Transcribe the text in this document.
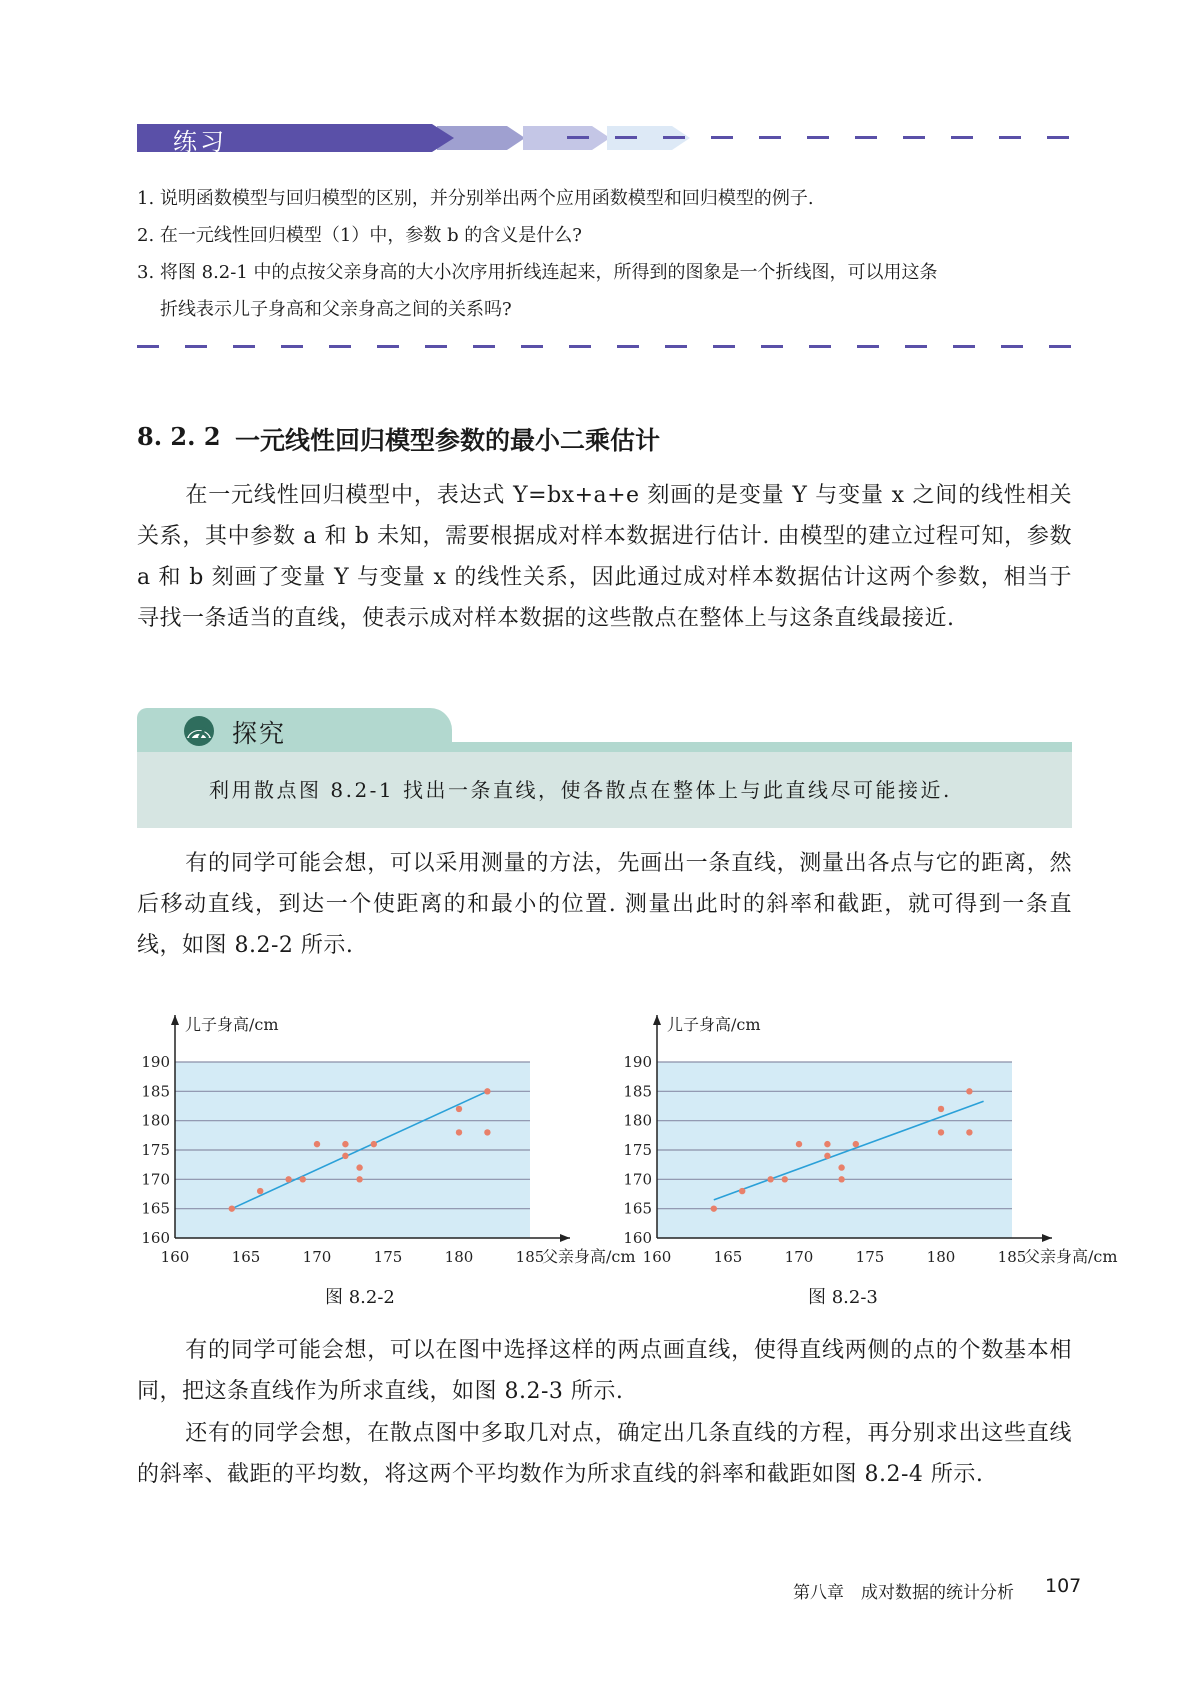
练习
1. 说明函数模型与回归模型的区别，并分别举出两个应用函数模型和回归模型的例子.
2. 在一元线性回归模型（1）中，参数 b 的含义是什么?
3. 将图 8.2-1 中的点按父亲身高的大小次序用折线连起来，所得到的图象是一个折线图，可以用这条
折线表示儿子身高和父亲身高之间的关系吗?
8. 2. 2 一元线性回归模型参数的最小二乘估计
在一元线性回归模型中，表达式 Y=bx+a+e 刻画的是变量 Y 与变量 x 之间的线性相关关系，其中参数 a 和 b 未知，需要根据成对样本数据进行估计. 由模型的建立过程可知，参数 a 和 b 刻画了变量 Y 与变量 x 的线性关系，因此通过成对样本数据估计这两个参数，相当于寻找一条适当的直线，使表示成对样本数据的这些散点在整体上与这条直线最接近.
探究
利用散点图 8.2-1 找出一条直线，使各散点在整体上与此直线尽可能接近.
有的同学可能会想，可以采用测量的方法，先画出一条直线，测量出各点与它的距离，然后移动直线，到达一个使距离的和最小的位置. 测量出此时的斜率和截距，就可得到一条直线，如图 8.2-2 所示.
160
165
170
175
180
185
190
160	165	170	175	180	185
儿子身高/cm
父亲身高/cm
160
165
170
175
180
185
190
160	165	170	175	180	185
儿子身高/cm
父亲身高/cm
图 8.2-2	图 8.2-3
有的同学可能会想，可以在图中选择这样的两点画直线，使得直线两侧的点的个数基本相同，把这条直线作为所求直线，如图 8.2-3 所示.
还有的同学会想，在散点图中多取几对点，确定出几条直线的方程，再分别求出这些直线的斜率、截距的平均数，将这两个平均数作为所求直线的斜率和截距如图 8.2-4 所示.
第八章　成对数据的统计分析 107
